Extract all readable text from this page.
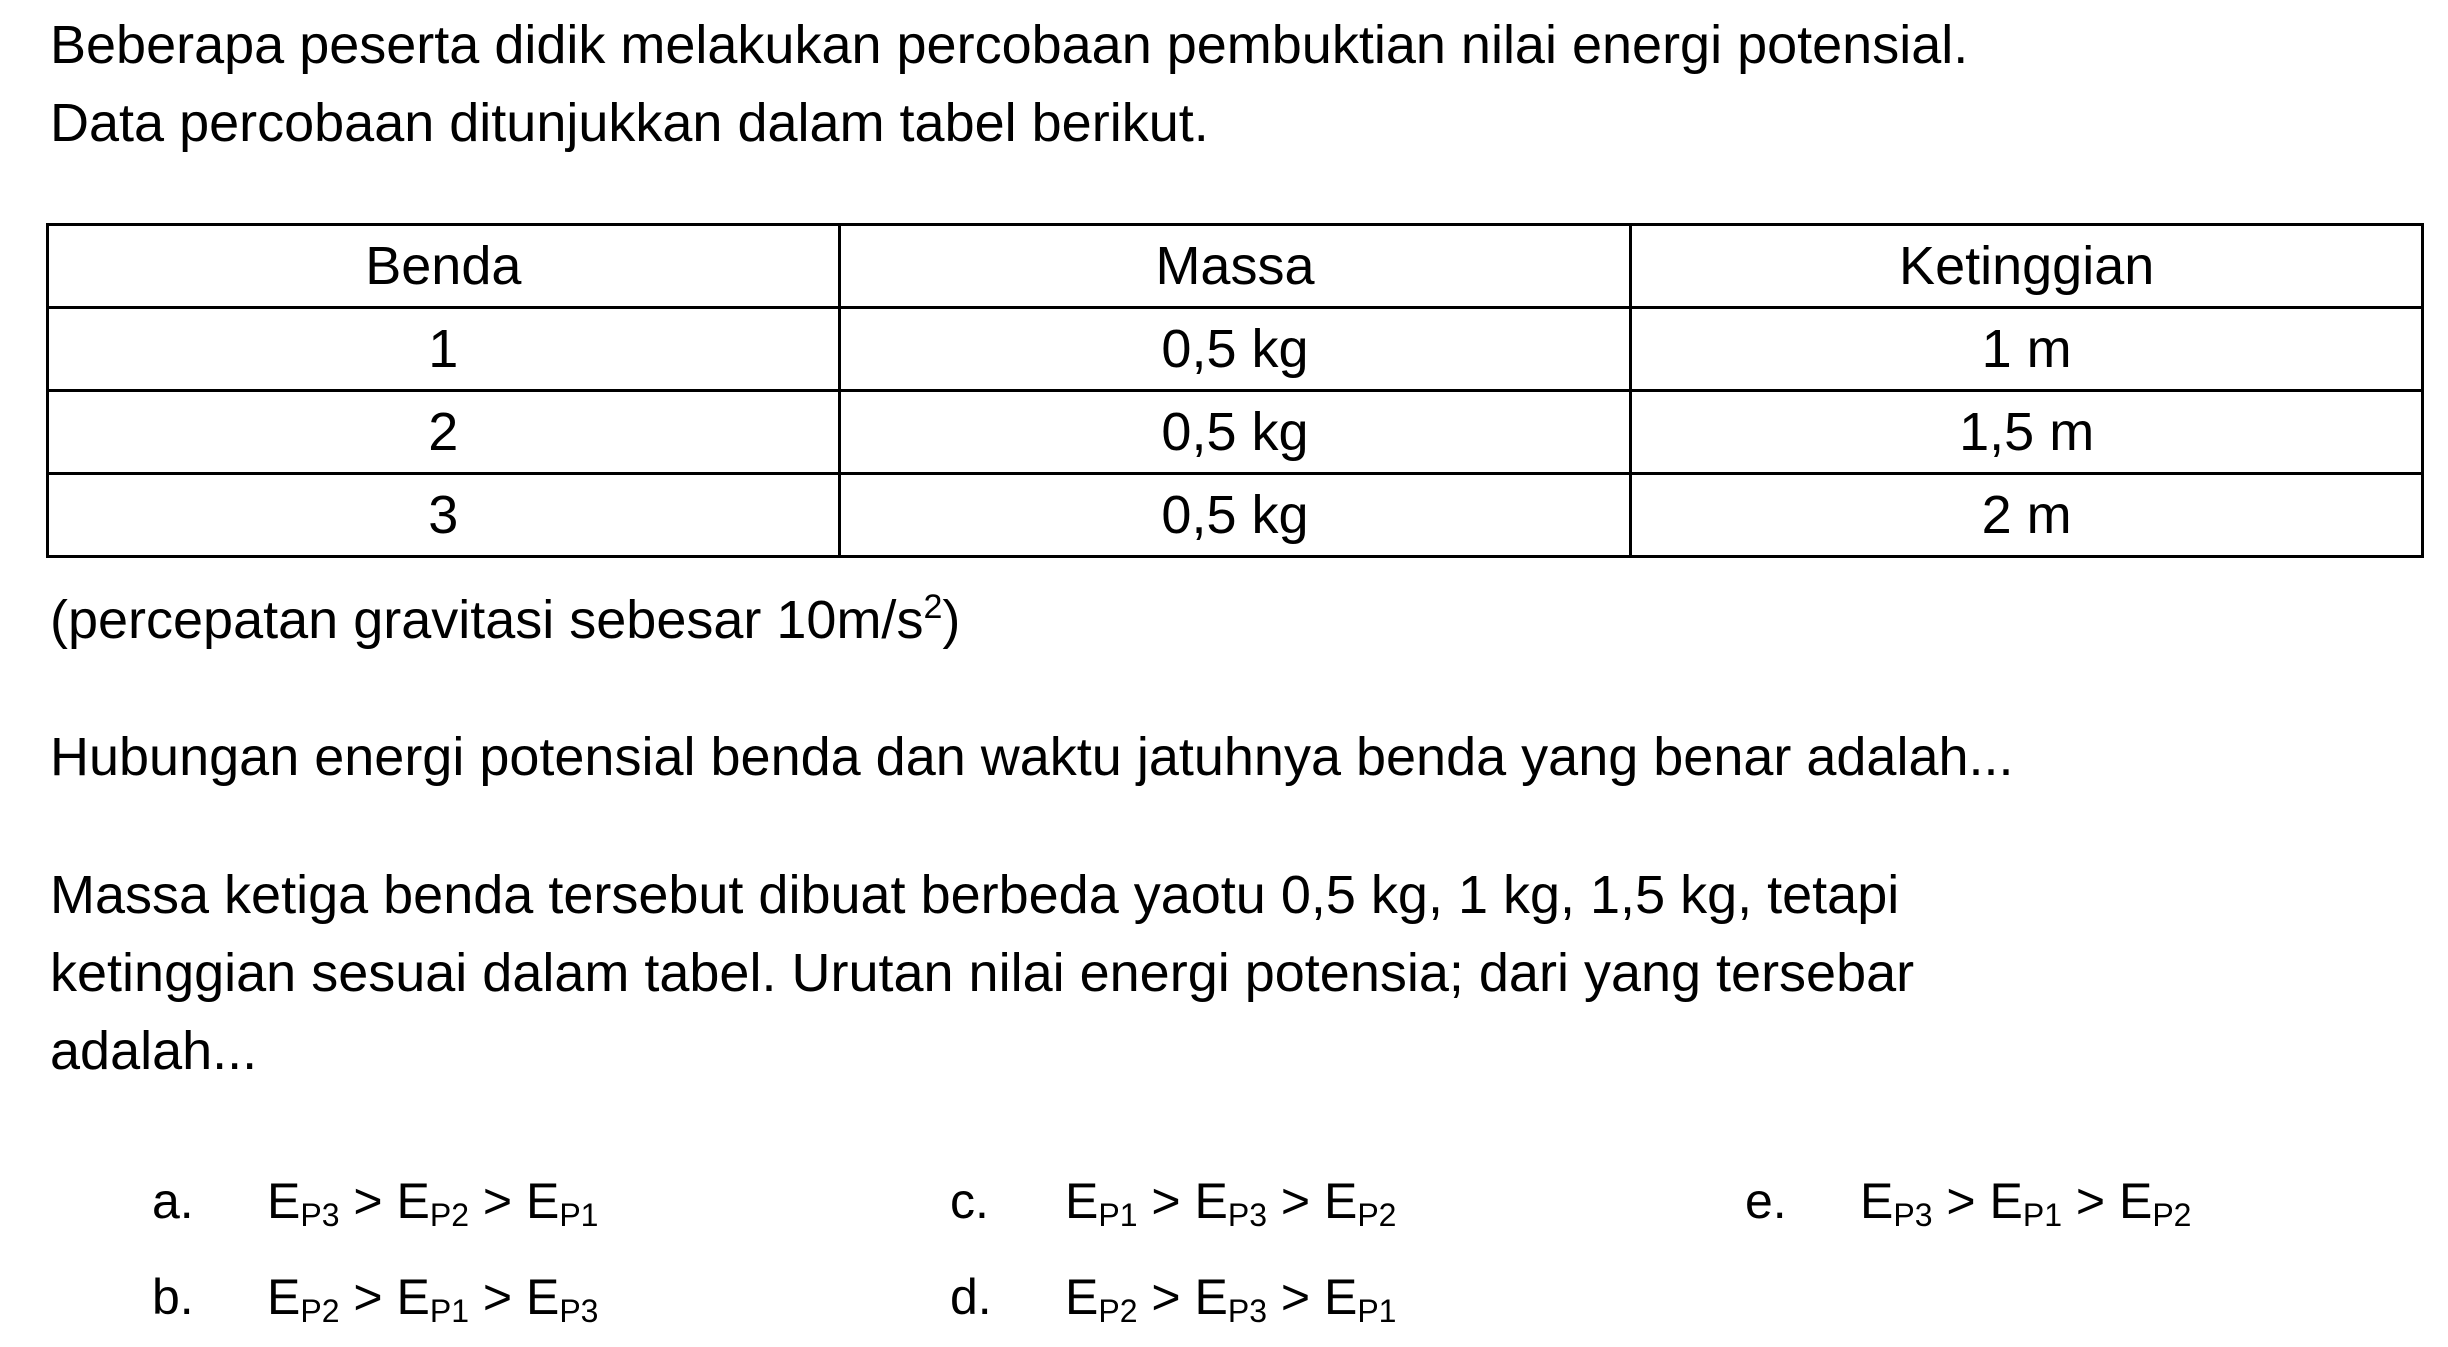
Beberapa peserta didik melakukan percobaan pembuktian nilai energi potensial.
Data percobaan ditunjukkan dalam tabel berikut.
Benda	Massa	Ketinggian
1	0,5 kg	1 m
2	0,5 kg	1,5 m
3	0,5 kg	2 m
(percepatan gravitasi sebesar $10m/s^2$)
Hubungan energi potensial benda dan waktu jatuhnya benda yang benar adalah...
Massa ketiga benda tersebut dibuat berbeda yaotu 0,5 kg, 1 kg, 1,5 kg, tetapi
ketinggian sesuai dalam tabel. Urutan nilai energi potensia; dari yang tersebar
adalah...
a. $E_{P3} > E_{P2} > E_{P1}$
b. $E_{P2} > E_{P1} > E_{P3}$
c. $E_{P1} > E_{P3} > E_{P2}$
d. $E_{P2} > E_{P3} > E_{P1}$
e. $E_{P3} > E_{P1} > E_{P2}$
